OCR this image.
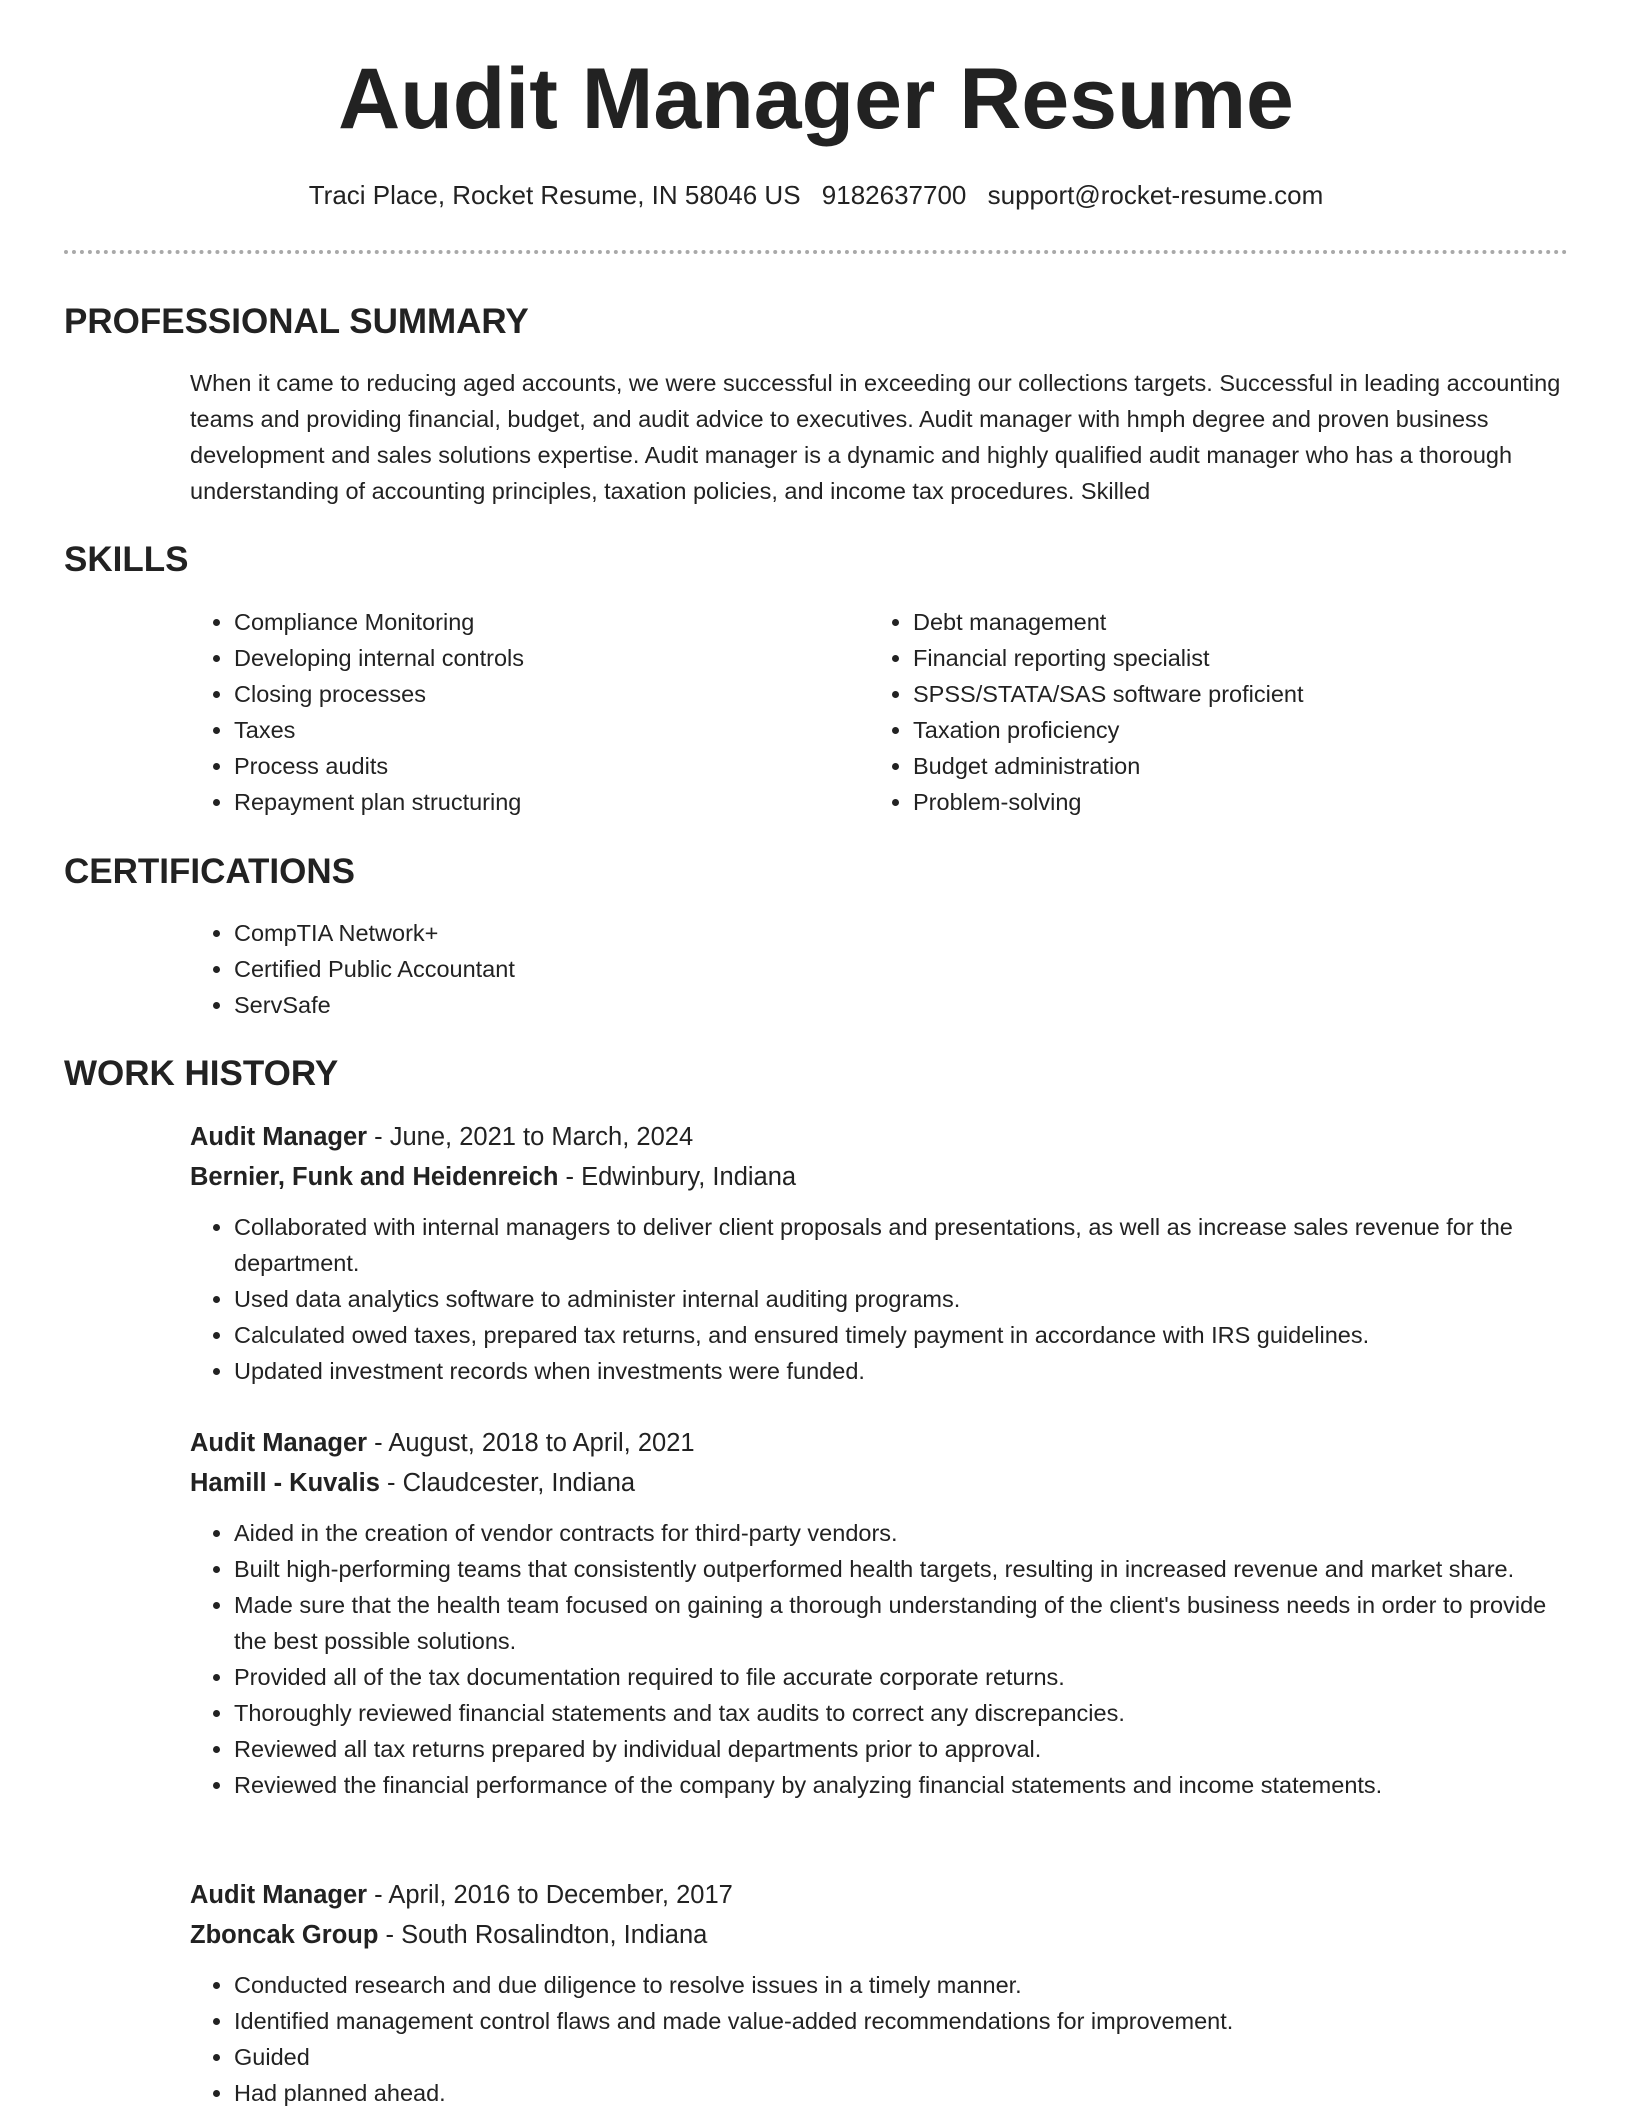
Audit Manager Resume
Traci Place, Rocket Resume, IN 58046 US 9182637700 support@rocket-resume.com
PROFESSIONAL SUMMARY

When it came to reducing aged accounts, we were successful in exceeding our collections targets. Successful in leading accounting teams and providing financial, budget, and audit advice to executives. Audit manager with hmph degree and proven business development and sales solutions expertise. Audit manager is a dynamic and highly qualified audit manager who has a thorough understanding of accounting principles, taxation policies, and income tax procedures. Skilled

SKILLS
• Compliance Monitoring
• Developing internal controls
• Closing processes
• Taxes
• Process audits
• Repayment plan structuring
• Debt management
• Financial reporting specialist
• SPSS/STATA/SAS software proficient
• Taxation proficiency
• Budget administration
• Problem-solving
CERTIFICATIONS
• CompTIA Network+
• Certified Public Accountant
• ServSafe
WORK HISTORY
Audit Manager - June, 2021 to March, 2024
Bernier, Funk and Heidenreich - Edwinbury, Indiana
• Collaborated with internal managers to deliver client proposals and presentations, as well as increase sales revenue for the department.
• Used data analytics software to administer internal auditing programs.
• Calculated owed taxes, prepared tax returns, and ensured timely payment in accordance with IRS guidelines.
• Updated investment records when investments were funded.
Audit Manager - August, 2018 to April, 2021
Hamill - Kuvalis - Claudcester, Indiana
• Aided in the creation of vendor contracts for third-party vendors.
• Built high-performing teams that consistently outperformed health targets, resulting in increased revenue and market share.
• Made sure that the health team focused on gaining a thorough understanding of the client's business needs in order to provide the best possible solutions.
• Provided all of the tax documentation required to file accurate corporate returns.
• Thoroughly reviewed financial statements and tax audits to correct any discrepancies.
• Reviewed all tax returns prepared by individual departments prior to approval.
• Reviewed the financial performance of the company by analyzing financial statements and income statements.
Audit Manager - April, 2016 to December, 2017
Zboncak Group - South Rosalindton, Indiana
• Conducted research and due diligence to resolve issues in a timely manner.
• Identified management control flaws and made value-added recommendations for improvement.
• Guided
• Had planned ahead.
